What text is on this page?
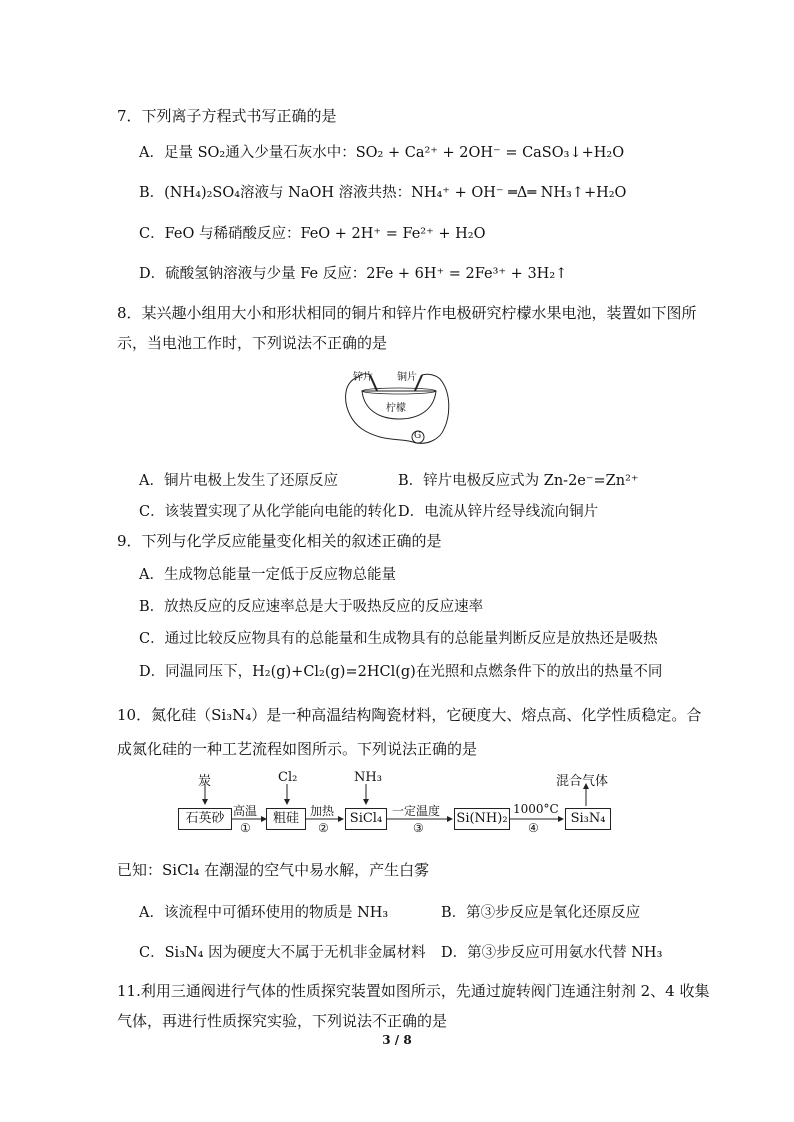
7．下列离子方程式书写正确的是
A．足量 SO₂通入少量石灰水中：SO₂ + Ca²⁺ + 2OH⁻ = CaSO₃↓+H₂O
B．(NH₄)₂SO₄溶液与 NaOH 溶液共热：NH₄⁺ + OH⁻ ═Δ═ NH₃↑+H₂O
C．FeO 与稀硝酸反应：FeO + 2H⁺ = Fe²⁺ + H₂O
D．硫酸氢钠溶液与少量 Fe 反应：2Fe + 6H⁺ = 2Fe³⁺ + 3H₂↑
8．某兴趣小组用大小和形状相同的铜片和锌片作电极研究柠檬水果电池，装置如下图所
示，当电池工作时，下列说法不正确的是
锌片 铜片
柠檬
G
A．铜片电极上发生了还原反应	B．锌片电极反应式为 Zn-2e⁻=Zn²⁺
C．该装置实现了从化学能向电能的转化 D．电流从锌片经导线流向铜片
9．下列与化学反应能量变化相关的叙述正确的是
A．生成物总能量一定低于反应物总能量
B．放热反应的反应速率总是大于吸热反应的反应速率
C．通过比较反应物具有的总能量和生成物具有的总能量判断反应是放热还是吸热
D．同温同压下，H₂(g)+Cl₂(g)=2HCl(g)在光照和点燃条件下的放出的热量不同
10．氮化硅（Si₃N₄）是一种高温结构陶瓷材料，它硬度大、熔点高、化学性质稳定。合
成氮化硅的一种工艺流程如图所示。下列说法正确的是
炭	Cl₂	NH₃	混合气体
石英砂	粗硅	SiCl₄	Si(NH)₂	Si₃N₄
高温	加热	一定温度	1000°C
①	②	③	④
已知：SiCl₄ 在潮湿的空气中易水解，产生白雾
A．该流程中可循环使用的物质是 NH₃	B．第③步反应是氧化还原反应
C．Si₃N₄ 因为硬度大不属于无机非金属材料 D．第③步反应可用氨水代替 NH₃
11.利用三通阀进行气体的性质探究装置如图所示，先通过旋转阀门连通注射剂 2、4 收集
气体，再进行性质探究实验，下列说法不正确的是
3 / 8
